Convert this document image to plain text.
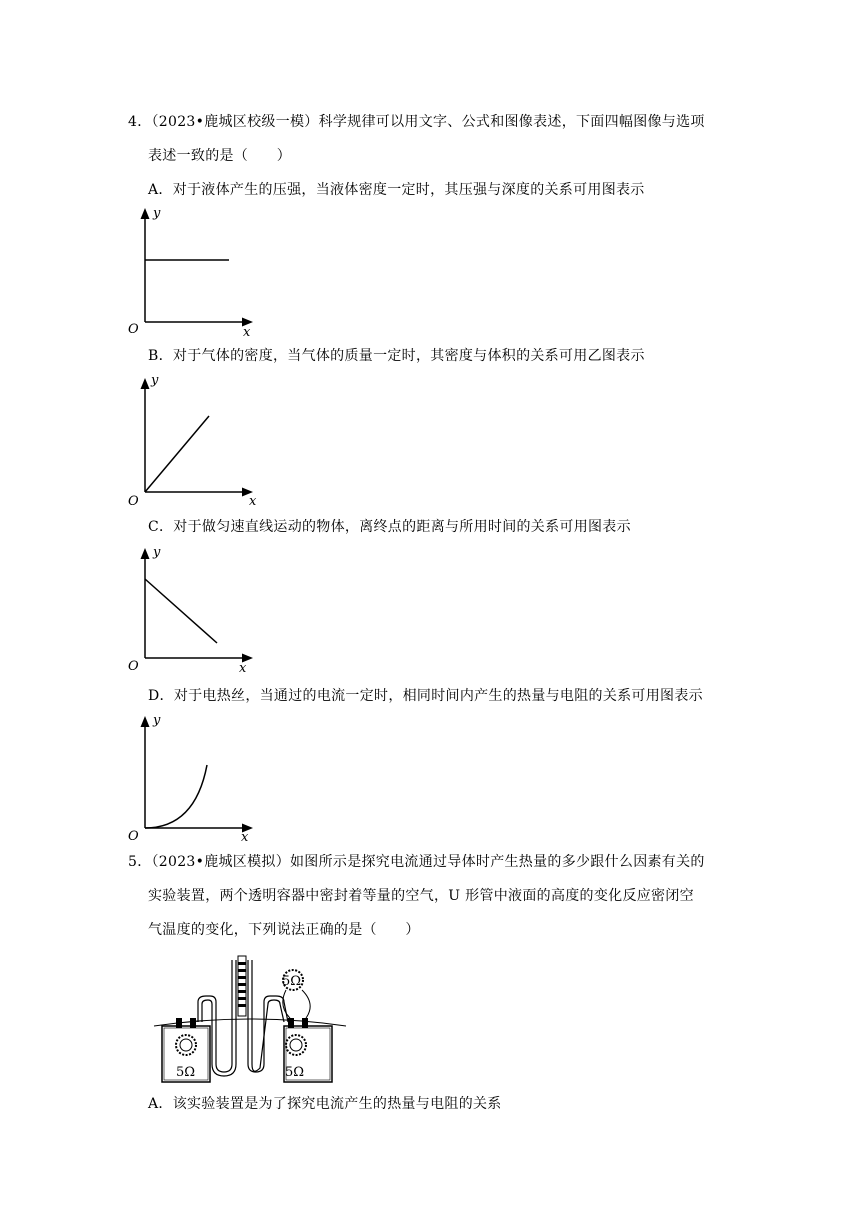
4．（2023•鹿城区校级一模）科学规律可以用文字、公式和图像表述，下面四幅图像与选项
表述一致的是（　　）
A．对于液体产生的压强，当液体密度一定时，其压强与深度的关系可用图表示
y
x
O
B．对于气体的密度，当气体的质量一定时，其密度与体积的关系可用乙图表示
y
x
O
C．对于做匀速直线运动的物体，离终点的距离与所用时间的关系可用图表示
y
x
O
D．对于电热丝，当通过的电流一定时，相同时间内产生的热量与电阻的关系可用图表示
y
x
O
5．（2023•鹿城区模拟）如图所示是探究电流通过导体时产生热量的多少跟什么因素有关的
实验装置，两个透明容器中密封着等量的空气，U 形管中液面的高度的变化反应密闭空
气温度的变化，下列说法正确的是（　　）
5Ω	5Ω
5Ω
A．该实验装置是为了探究电流产生的热量与电阻的关系
